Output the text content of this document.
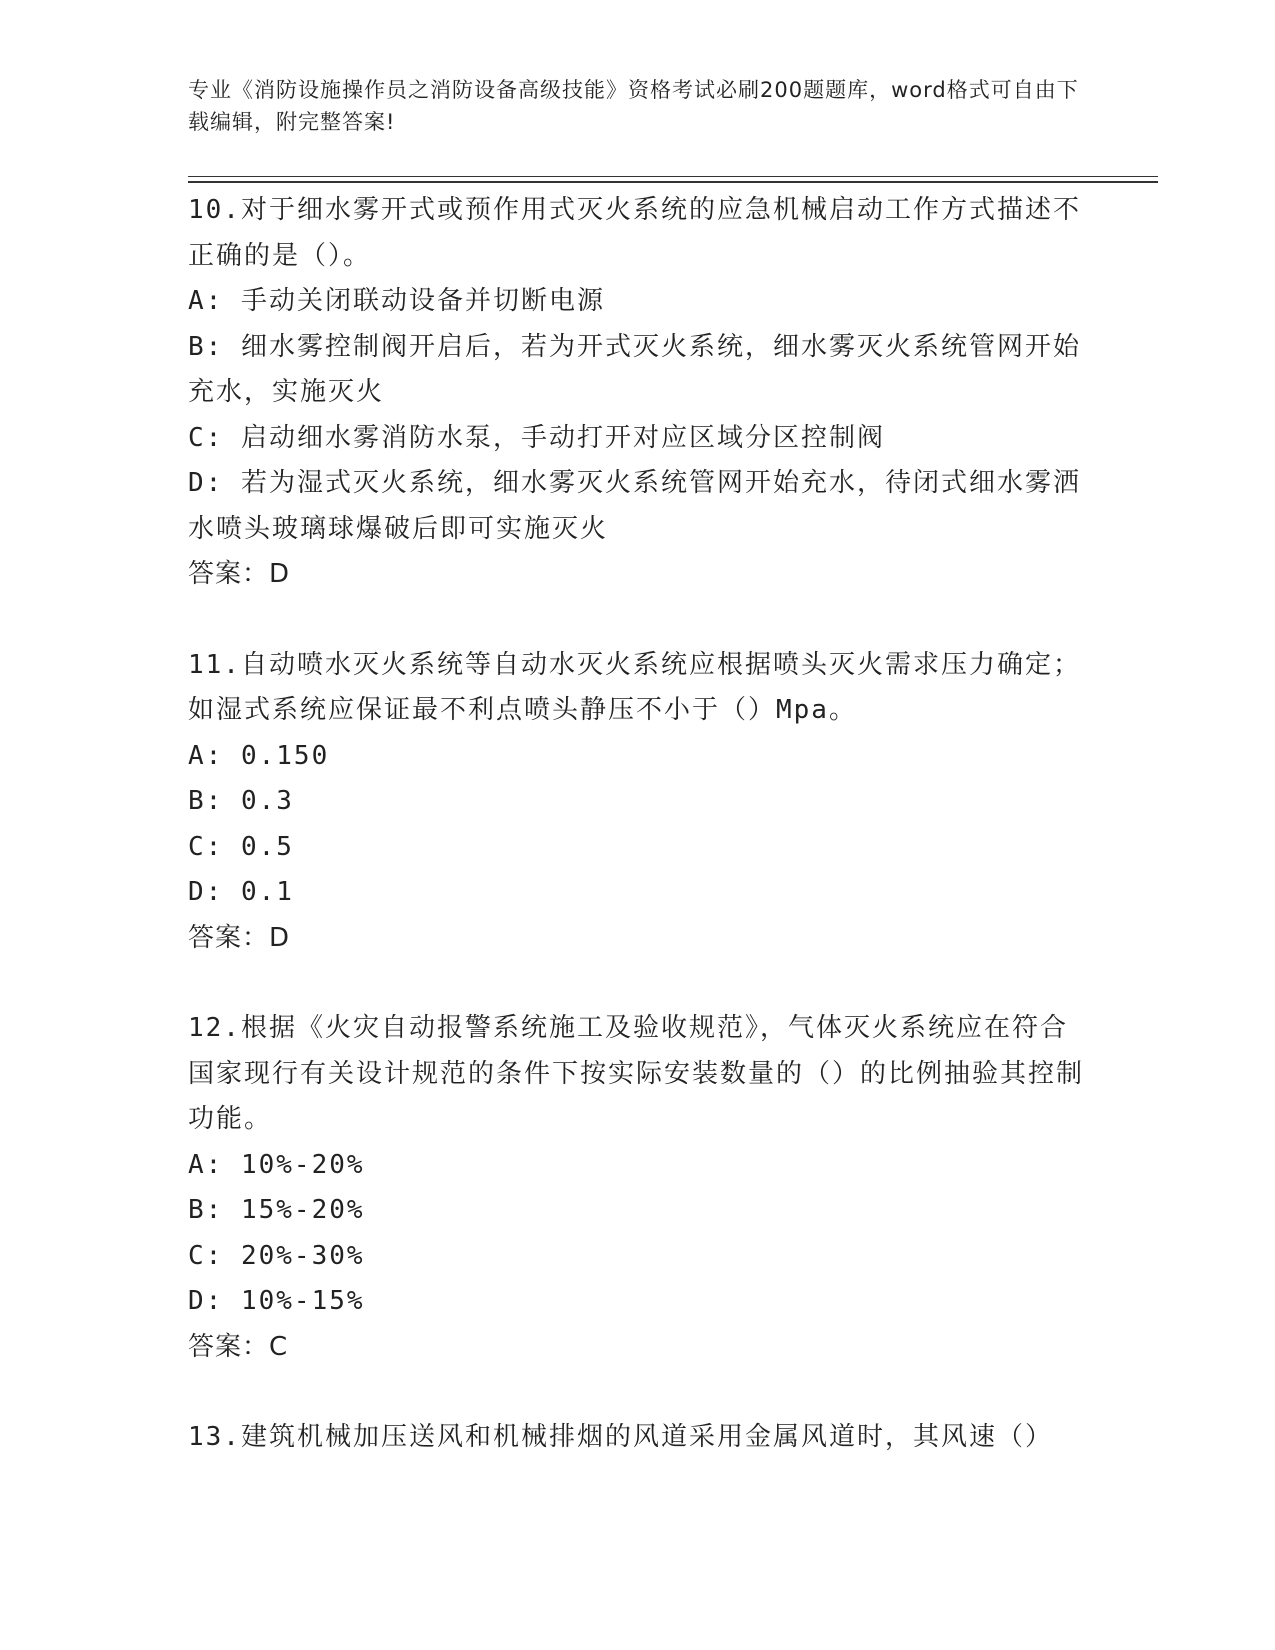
专业《消防设施操作员之消防设备高级技能》资格考试必刷200题题库，word格式可自由下载编辑，附完整答案!

10.对于细水雾开式或预作用式灭火系统的应急机械启动工作方式描述不正确的是（）。

A: 手动关闭联动设备并切断电源

B: 细水雾控制阀开启后，若为开式灭火系统，细水雾灭火系统管网开始充水，实施灭火

C: 启动细水雾消防水泵，手动打开对应区域分区控制阀

D: 若为湿式灭火系统，细水雾灭火系统管网开始充水，待闭式细水雾洒水喷头玻璃球爆破后即可实施灭火

答案：D

11.自动喷水灭火系统等自动水灭火系统应根据喷头灭火需求压力确定；如湿式系统应保证最不利点喷头静压不小于（）Mpa。

A: 0.150

B: 0.3

C: 0.5

D: 0.1

答案：D

12.根据《火灾自动报警系统施工及验收规范》，气体灭火系统应在符合国家现行有关设计规范的条件下按实际安装数量的（）的比例抽验其控制功能。

A: 10%-20%

B: 15%-20%

C: 20%-30%

D: 10%-15%

答案：C

13.建筑机械加压送风和机械排烟的风道采用金属风道时，其风速（）
